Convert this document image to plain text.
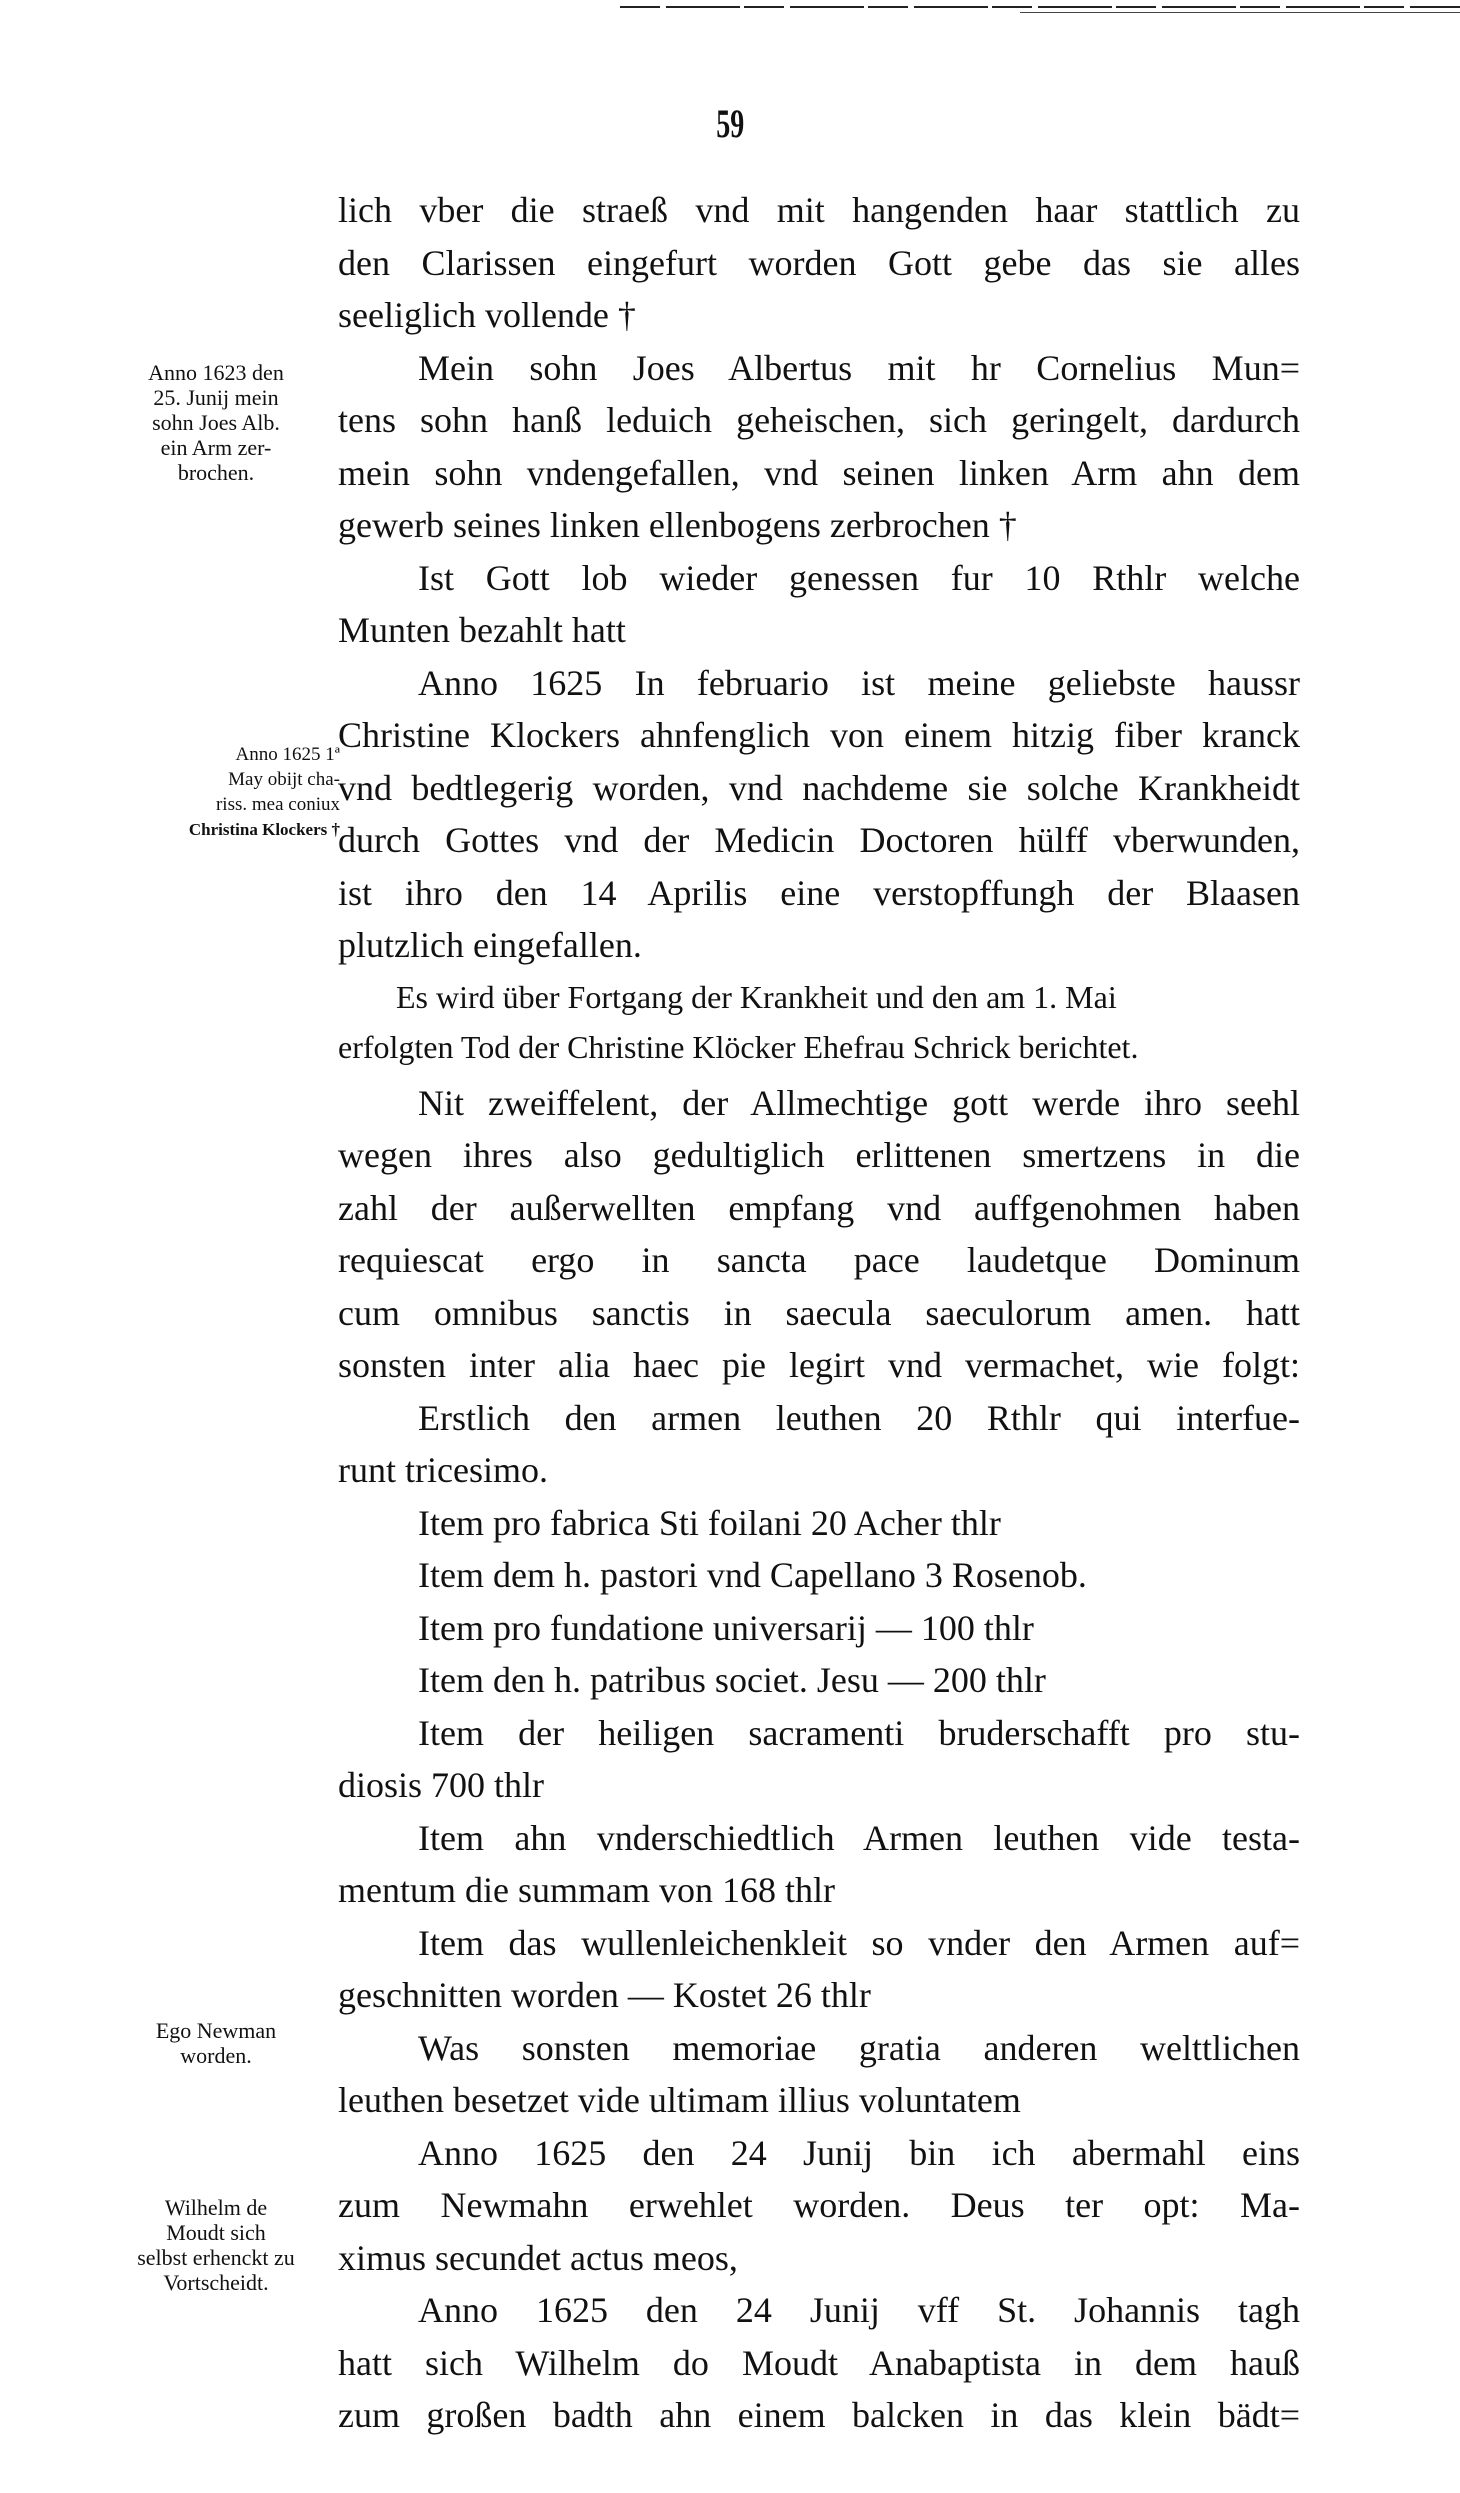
59
lich vber die straeß vnd mit hangenden haar stattlich zu
den Clarissen eingefurt worden Gott gebe das sie alles
seeliglich vollende †
Mein sohn Joes Albertus mit hr Cornelius Mun=
tens sohn hanß leduich geheischen, sich geringelt, dardurch
mein sohn vndengefallen, vnd seinen linken Arm ahn dem
gewerb seines linken ellenbogens zerbrochen †
Ist Gott lob wieder genessen fur 10 Rthlr welche
Munten bezahlt hatt
Anno 1625 In februario ist meine geliebste haussr
Christine Klockers ahnfenglich von einem hitzig fiber kranck
vnd bedtlegerig worden, vnd nachdeme sie solche Krankheidt
durch Gottes vnd der Medicin Doctoren hülff vberwunden,
ist ihro den 14 Aprilis eine verstopffungh der Blaasen
plutzlich eingefallen.
Es wird über Fortgang der Krankheit und den am 1. Mai
erfolgten Tod der Christine Klöcker Ehefrau Schrick berichtet.
Nit zweiffelent, der Allmechtige gott werde ihro seehl
wegen ihres also gedultiglich erlittenen smertzens in die
zahl der außerwellten empfang vnd auffgenohmen haben
requiescat ergo in sancta pace laudetque Dominum
cum omnibus sanctis in saecula saeculorum amen. hatt
sonsten inter alia haec pie legirt vnd vermachet, wie folgt:
Erstlich den armen leuthen 20 Rthlr qui interfue-
runt tricesimo.
Item pro fabrica Sti foilani 20 Acher thlr
Item dem h. pastori vnd Capellano 3 Rosenob.
Item pro fundatione universarij — 100 thlr
Item den h. patribus societ. Jesu — 200 thlr
Item der heiligen sacramenti bruderschafft pro stu-
diosis 700 thlr
Item ahn vnderschiedtlich Armen leuthen vide testa-
mentum die summam von 168 thlr
Item das wullenleichenkleit so vnder den Armen auf=
geschnitten worden — Kostet 26 thlr
Was sonsten memoriae gratia anderen welttlichen
leuthen besetzet vide ultimam illius voluntatem
Anno 1625 den 24 Junij bin ich abermahl eins
zum Newmahn erwehlet worden. Deus ter opt: Ma-
ximus secundet actus meos,
Anno 1625 den 24 Junij vff St. Johannis tagh
hatt sich Wilhelm do Moudt Anabaptista in dem hauß
zum großen badth ahn einem balcken in das klein bädt=
Anno 1623 den
25. Junij mein
sohn Joes Alb.
ein Arm zer-
brochen.
Anno 1625 1ª
May obijt cha-
riss. mea coniux
Christina Klockers †
Ego Newman
worden.
Wilhelm de
Moudt sich
selbst erhenckt zu
Vortscheidt.
